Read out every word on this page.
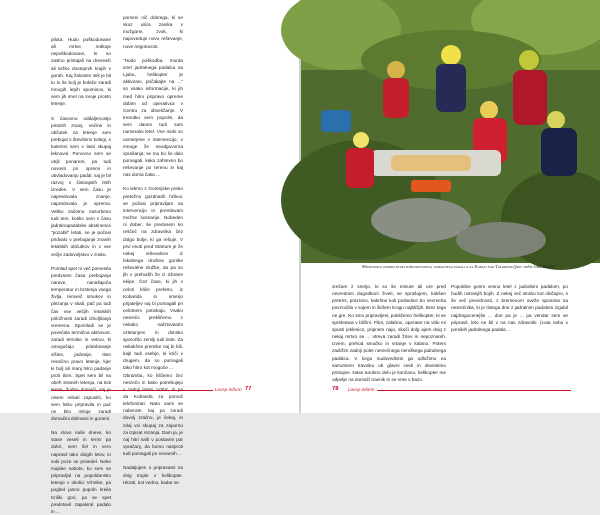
pilota. Hudo poškodovane all mrtve, redkoje nepoškodovane, ki so zaslno pristajali na drevesih ali težko dostopnih krajih v gorah. Kaj žalosten stik je bil to in še bolj je boleče zaradi mnogih lepih spominov, ki sem jih imel na svoje prosto letenje.

S časovno oddaljenostjo pristnih znanj, večine in občutek za letenje sem prebujal s številnimi kolegi, s katerimi sem v lasti skupaj leknovol. Ponovno sem se utrjil ponarem, pa tudi novosti pri opremi in obvladovanju padal, saj je bil razvoj v čistnajstih letih izreden. V sem času je napredovala znanje, napredovala je oprema. Veliko začetno nazorbeno tudi tem, kotiko sem v času jadralnopadalske abstinence "pozabil" letati, se je počasi pridvalo v prebujanje znanih letalskih občutkov in v vse večje zadovoljstvo v zraku.

Pomlad spet ni več pomenila predvsem časa prebujanja narave, nanašajoča temperatur in brstenja vsega življa, temveč smukov in plezanja v skali, pač pa tudi čas vse večjih letalskih priložnosti zaradi izboljšanja vremena. Spomladi se je povečala termična aktivnost, zaradi termike in vetrov, ki omogočajo pridobivanje višine, jadranje, tisto resnično pravo letenje, kjer ki bolj ali manj hitro padanje proti tlom. Spet sem bil na obeh straneh letenja, na tisti nisem mikali zapustiti, ko sem hitko pripravila in pač ne bilo miluje zaradi domačini dolinami in gorami.

Na slovo naše dneve, ko stase veseli in termi pa dobri, sem šel in vero napravil tako dolgih letov, in soki poze se prisedel. Neke majske sobote, ko sem se pripravljal na popoldansko letenje v okolici Vrhnike, pa pogled jasno popoln kreila Kriški gori, pa se spet predstavil zapakiral padalo in ...

pomeni nič dobrega, ki se skoz ulica zanika v možgane, zvok, ki napoveduje novo reševanje, nove negotovost.

"Hudo poškodba, morda smrt jadralnega padalca na Ljubu, helikopter je aktivirani, pričakajte na ..." so vsako informacije, ki jih med hitro pripravo opreme dobim od operativca v Centru za obveščanje. V trenutku sem popolni, da sem danes tudi sam numeralni letel. Vse mirki so usmerjene v intervencijo, v mnoge že neodgovorna vprašanja: se mu bo še dalo pomagati, kako zahtevno bo reševanje po terenu in kaj nas doma čaka ...

Ko letimo z Gorenjske preko pretežno gozdnatih hribov, se počasi pripravljam na intervencijo in premlevam možne scenarije. Nobeden ni dober, še predvsem ko reščeč na zdravnika čez dolgo bolje, ki ga rešuje. V prvi enoti pred Startom je že nekaj reševalcev iz lokalnega društva gorske reševalne službe, da pa so jih v prehodih že iz izbrane ekipe. Čez čase, ki jih v celoti kliče prehitro, iz Kobarida in smerjo prijateljev naj bi pomagali pri celotnem potiskaju. Vsako nesrečo prekličemo z nekako načrtovanim vzletanjem in dimsko sporočilo zemlji tudi tiste. Za nekakšne premike naj bi bili, kajti tudi osebje, ki kriči v drugem, da so pomagali tako hitro kot mogoče ...

Obramba, ko kličemo čez nesrečo in kako potrebujejo da Kobarida za pomoč telefonirati. Nato sami se naberate, kaj pa zaradi dovolj zračno, je čekaj, in zdaj vsi skupaj za zaporno za izpisat rezanja. Dam ja, je naj hitri naši v postavim par vpračanj, da bomo nasproti tudi pomagali po nevarnih ...

Nadaljujem s pripravami na dvig truple v helikopter. Hkrati, kot vedno, kadar se

Lovsp-inform 77
Medicinska oskrba hudo poškodovanega jadralnega padalca na Kobali nad Tolminom (foto: arhiv GRZ Bohinj)

srečam z smrtjo, ki so še minute ali ure pred nevrednim dogodkom živeli, se sprašujem, kakšen pretres, praznino, kakršne koli posledice bo nevrecha povzročila v sojem in širšem krogu najbližjih. Brez tega ne gre. Ko smo pripravljeni, pokličemo helikopter, ki se spreletava v bližini. Pilot, zalahno, operater na vitlu mi spusti jeklenico, pripnem najo, skoči dolg ajem dvig z nekaj mrtvo se ... vtreva zaradi žrtev in nepoznanih. Izvem, prehod smučko in vrtanje v kabino. Potem zadržim zadnji polet nesrečnega nemškega jadralnega padalca. V lorgu nudovednimi ga odložimo na samotnem travniku ob glavni cesti in obvestimo pristojne. Nase turobno delo je končano, helikopter me odpelje na domači travnik in se vrne v bazo.

Popoldne gorim vesno letel z jadralnim padalom, po hudih notranjih bojih. Z nekaj več strahu kot običajno, s še več previdnosti, z bremenom sveže spomina na nesrečnika, ki je tistega dne z jadralnim padalom izgubil najdragocenejše ... dne pa je ... pa vendar sem se pripravil, leto ne bil v na nas zdravniki. (cuta nebo v pomikih jadralnega padala ...

78	Lovsp-inform
